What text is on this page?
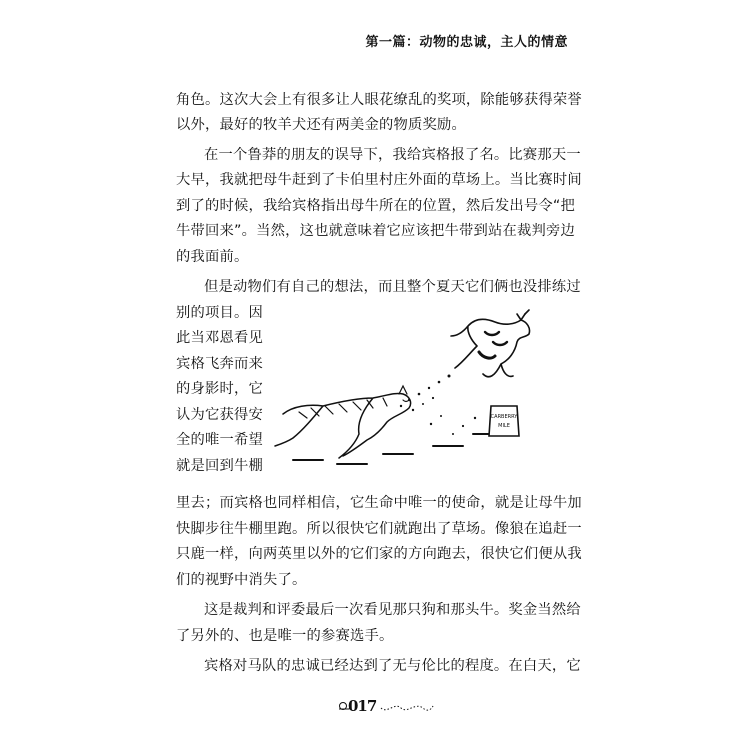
第一篇：动物的忠诚，主人的情意
角色。这次大会上有很多让人眼花缭乱的奖项，除能够获得荣誉
以外，最好的牧羊犬还有两美金的物质奖励。
在一个鲁莽的朋友的误导下，我给宾格报了名。比赛那天一
大早，我就把母牛赶到了卡伯里村庄外面的草场上。当比赛时间
到了的时候，我给宾格指出母牛所在的位置，然后发出号令“把
牛带回来”。当然，这也就意味着它应该把牛带到站在裁判旁边
的我面前。
但是动物们有自己的想法，而且整个夏天它们俩也没排练过
别的项目。因
此当邓恩看见
宾格飞奔而来
的身影时，它
认为它获得安
全的唯一希望
就是回到牛棚
里去；而宾格也同样相信，它生命中唯一的使命，就是让母牛加
快脚步往牛棚里跑。所以很快它们就跑出了草场。像狼在追赶一
只鹿一样，向两英里以外的它们家的方向跑去，很快它们便从我
们的视野中消失了。
这是裁判和评委最后一次看见那只狗和那头牛。奖金当然给
了另外的、也是唯一的参赛选手。
宾格对马队的忠诚已经达到了无与伦比的程度。在白天，它
CARBERRY
MILE
017
